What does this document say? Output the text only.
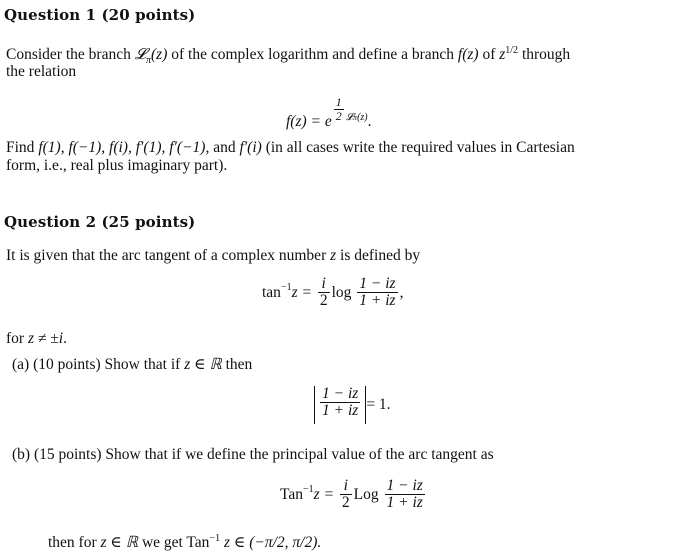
Question 1 (20 points)
Consider the branch 𝓛$_\pi$(z) of the complex logarithm and define a branch f(z) of $z^{1/2}$ through
the relation
f(z) = e $^{\frac{1}{2} 𝓛\pi(z)}$.
Find f(1), f(−1), f(i), f′(1), f′(−1), and f′(i) (in all cases write the required values in Cartesian
form, i.e., real plus imaginary part).
Question 2 (25 points)
It is given that the arc tangent of a complex number z is defined by
$\tan^{-1}z = \frac{i}{2}$ $\log \frac{1 - iz}{1 + iz}$ ,
for z ≠ ±i.
(a) (10 points) Show that if z ∈ ℝ then
$\frac{1 - iz}{1 + iz} = 1$.
(b) (15 points) Show that if we define the principal value of the arc tangent as
$Tan^{-1}z = \frac{i}{2}$ Log $\frac{1 - iz}{1 + iz}$
then for z ∈ ℝ we get Tan$^{-1}$ z ∈ (−π/2, π/2).
